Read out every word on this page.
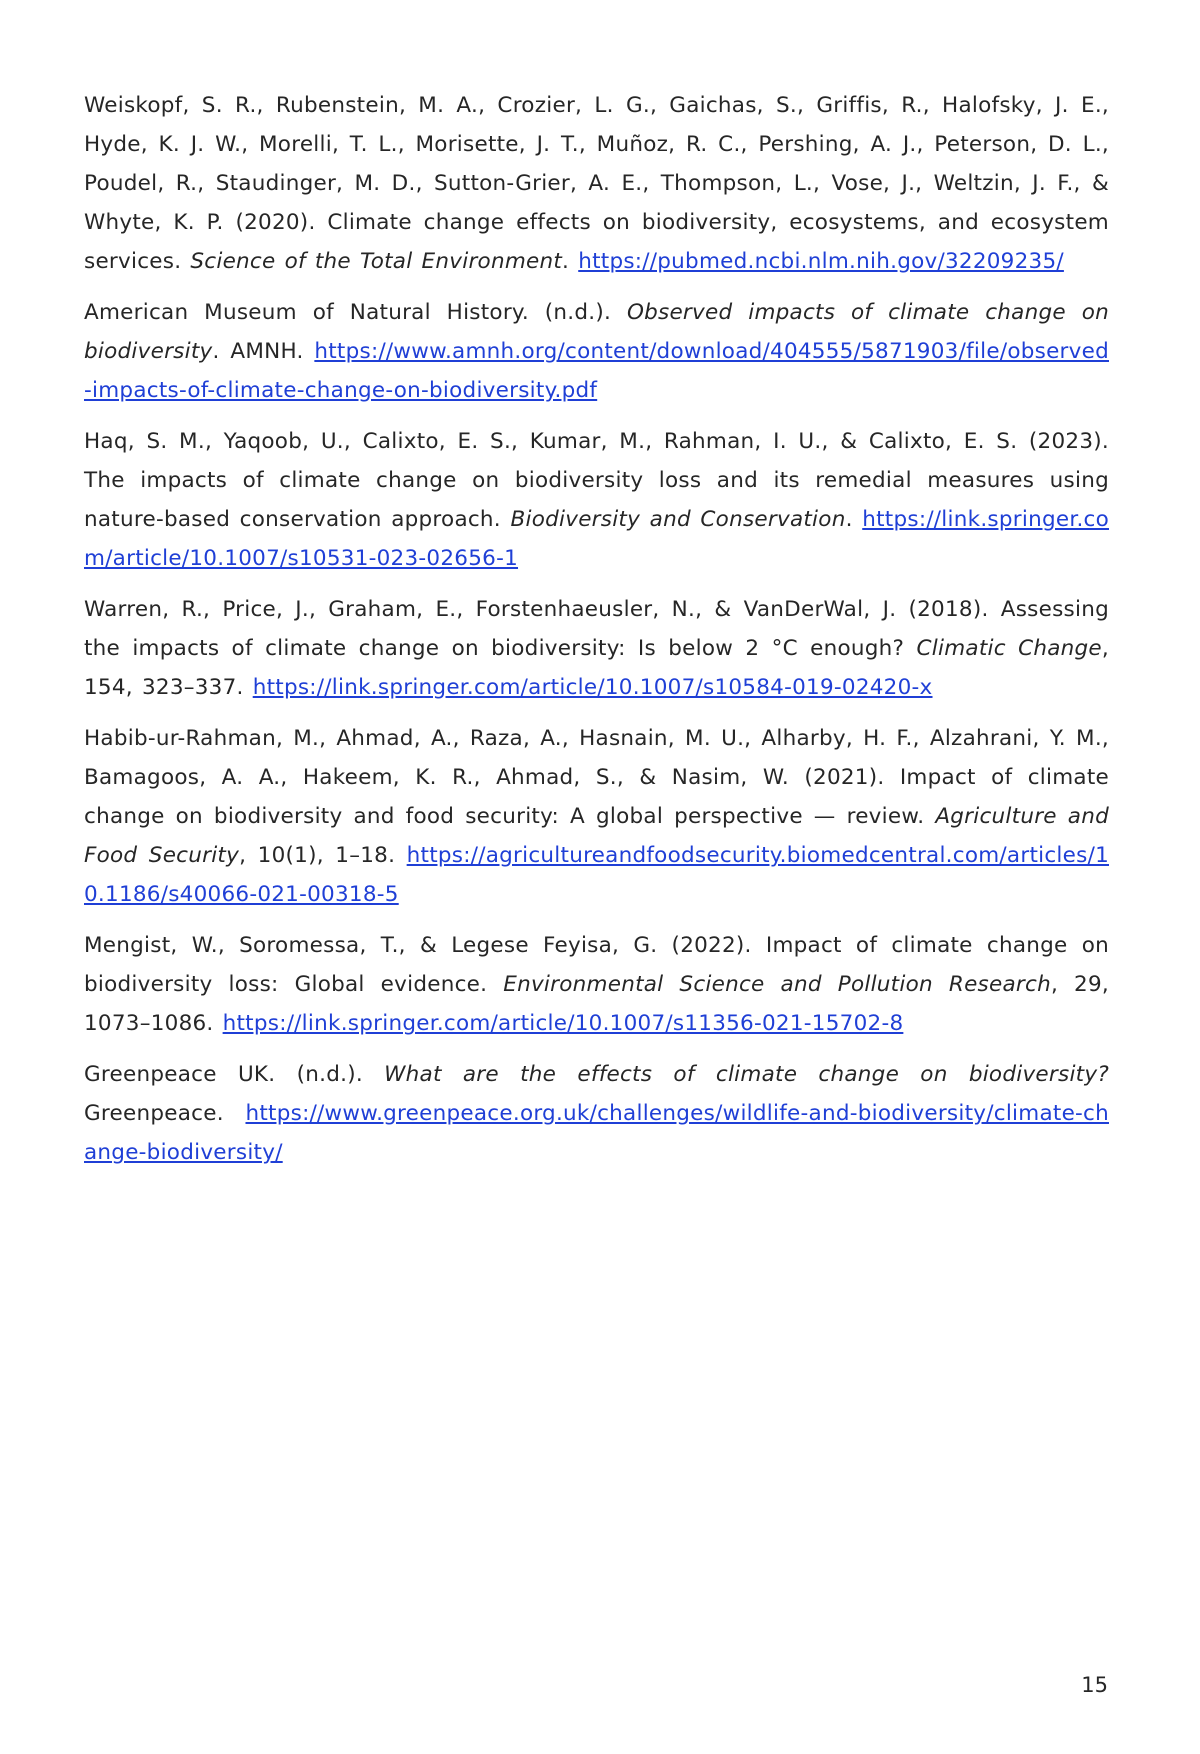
Weiskopf, S. R., Rubenstein, M. A., Crozier, L. G., Gaichas, S., Griffis, R., Halofsky, J. E., Hyde, K. J. W., Morelli, T. L., Morisette, J. T., Muñoz, R. C., Pershing, A. J., Peterson, D. L., Poudel, R., Staudinger, M. D., Sutton-Grier, A. E., Thompson, L., Vose, J., Weltzin, J. F., & Whyte, K. P. (2020). Climate change effects on biodiversity, ecosystems, and ecosystem services. Science of the Total Environment. https://pubmed.ncbi.nlm.nih.gov/32209235/

American Museum of Natural History. (n.d.). Observed impacts of climate change on biodiversity. AMNH. https://www.amnh.org/content/download/404555/5871903/file/observed-impacts-of-climate-change-on-biodiversity.pdf

Haq, S. M., Yaqoob, U., Calixto, E. S., Kumar, M., Rahman, I. U., & Calixto, E. S. (2023). The impacts of climate change on biodiversity loss and its remedial measures using nature-based conservation approach. Biodiversity and Conservation. https://link.springer.com/article/10.1007/s10531-023-02656-1

Warren, R., Price, J., Graham, E., Forstenhaeusler, N., & VanDerWal, J. (2018). Assessing the impacts of climate change on biodiversity: Is below 2 °C enough? Climatic Change, 154, 323–337. https://link.springer.com/article/10.1007/s10584-019-02420-x

Habib-ur-Rahman, M., Ahmad, A., Raza, A., Hasnain, M. U., Alharby, H. F., Alzahrani, Y. M., Bamagoos, A. A., Hakeem, K. R., Ahmad, S., & Nasim, W. (2021). Impact of climate change on biodiversity and food security: A global perspective — review. Agriculture and Food Security, 10(1), 1–18. https://agricultureandfoodsecurity.biomedcentral.com/articles/10.1186/s40066-021-00318-5

Mengist, W., Soromessa, T., & Legese Feyisa, G. (2022). Impact of climate change on biodiversity loss: Global evidence. Environmental Science and Pollution Research, 29, 1073–1086. https://link.springer.com/article/10.1007/s11356-021-15702-8

Greenpeace UK. (n.d.). What are the effects of climate change on biodiversity? Greenpeace. https://www.greenpeace.org.uk/challenges/wildlife-and-biodiversity/climate-change-biodiversity/

15
